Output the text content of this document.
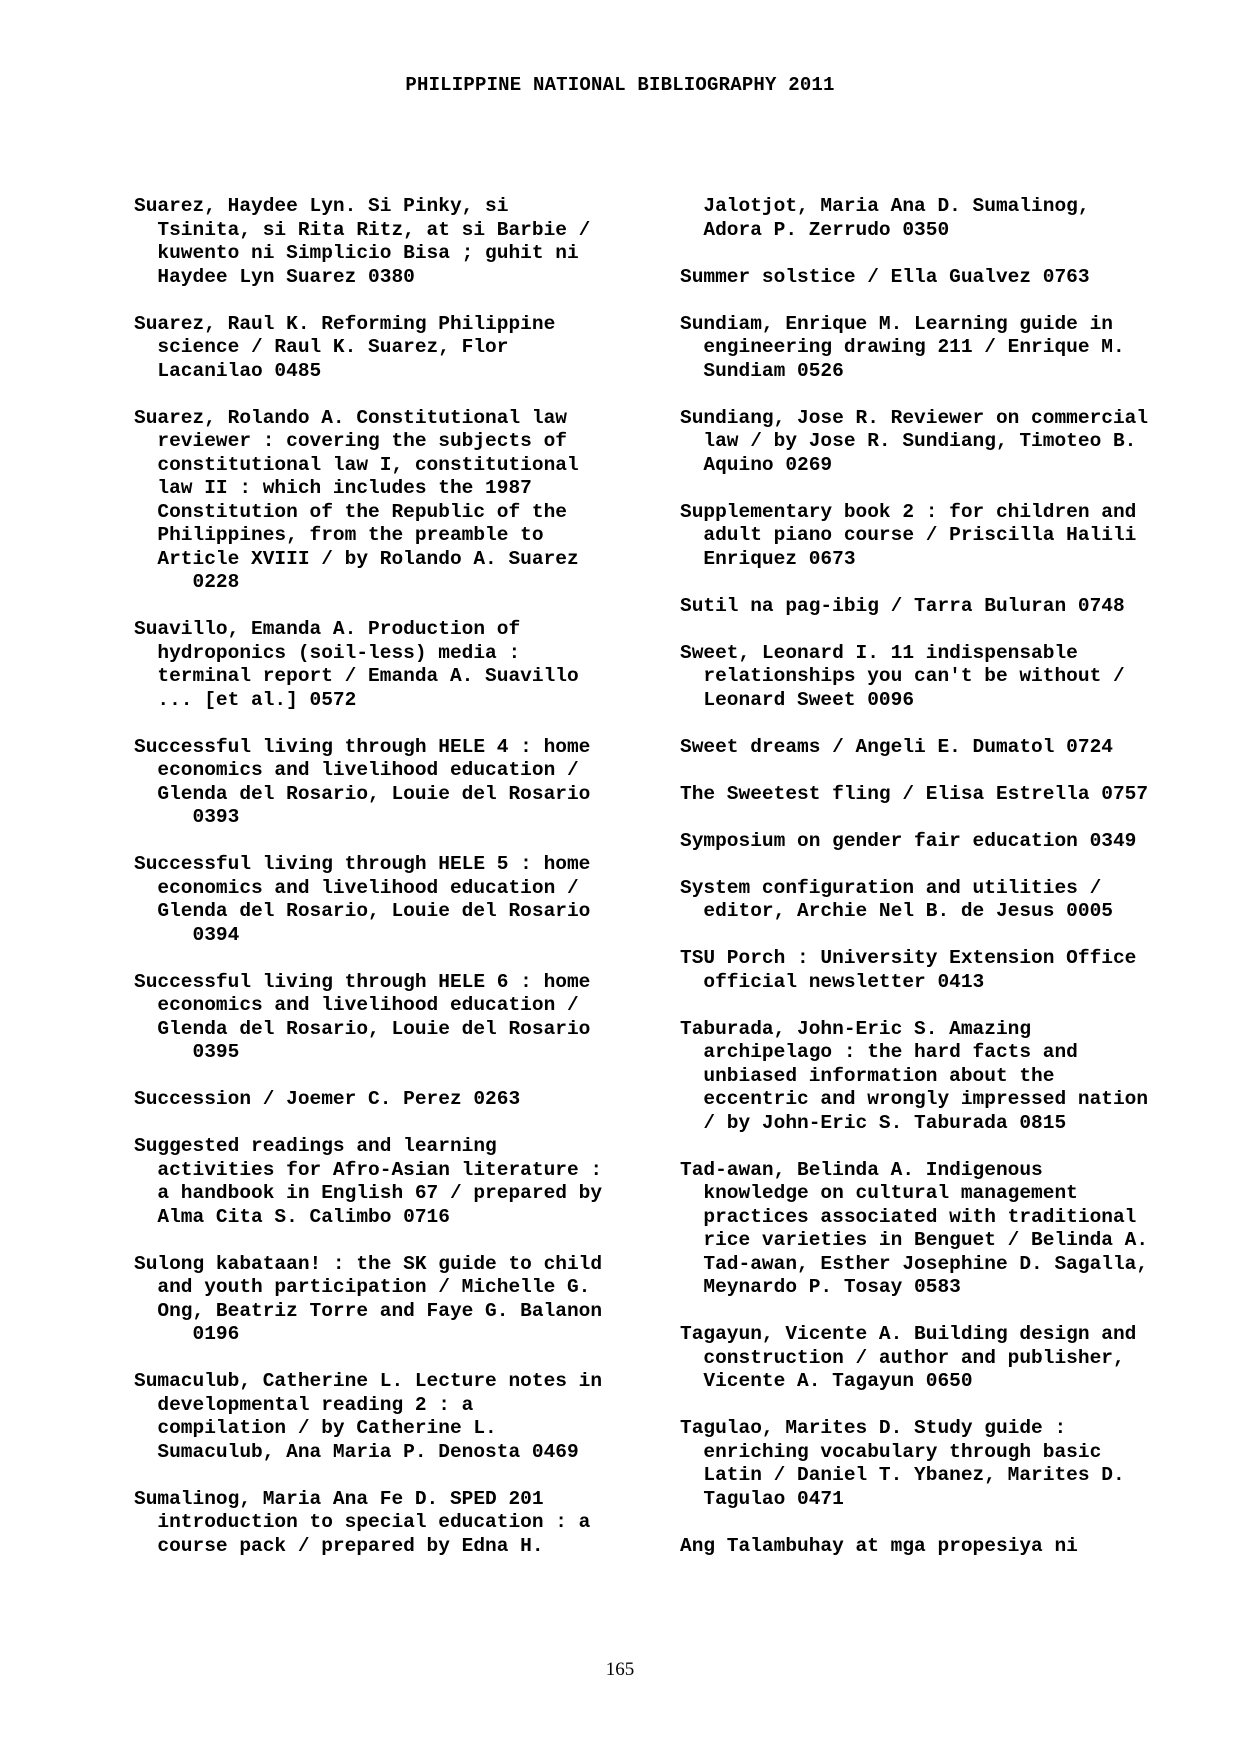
PHILIPPINE NATIONAL BIBLIOGRAPHY 2011
Suarez, Haydee Lyn. Si Pinky, si
Tsinita, si Rita Ritz, at si Barbie /
kuwento ni Simplicio Bisa ; guhit ni
Haydee Lyn Suarez 0380
Suarez, Raul K. Reforming Philippine
science / Raul K. Suarez, Flor
Lacanilao 0485
Suarez, Rolando A. Constitutional law
reviewer : covering the subjects of
constitutional law I, constitutional
law II : which includes the 1987
Constitution of the Republic of the
Philippines, from the preamble to
Article XVIII / by Rolando A. Suarez
0228
Suavillo, Emanda A. Production of
hydroponics (soil-less) media :
terminal report / Emanda A. Suavillo
... [et al.] 0572
Successful living through HELE 4 : home
economics and livelihood education /
Glenda del Rosario, Louie del Rosario
0393
Successful living through HELE 5 : home
economics and livelihood education /
Glenda del Rosario, Louie del Rosario
0394
Successful living through HELE 6 : home
economics and livelihood education /
Glenda del Rosario, Louie del Rosario
0395
Succession / Joemer C. Perez 0263
Suggested readings and learning
activities for Afro-Asian literature :
a handbook in English 67 / prepared by
Alma Cita S. Calimbo 0716
Sulong kabataan! : the SK guide to child
and youth participation / Michelle G.
Ong, Beatriz Torre and Faye G. Balanon
0196
Sumaculub, Catherine L. Lecture notes in
developmental reading 2 : a
compilation / by Catherine L.
Sumaculub, Ana Maria P. Denosta 0469
Sumalinog, Maria Ana Fe D. SPED 201
introduction to special education : a
course pack / prepared by Edna H.
Jalotjot, Maria Ana D. Sumalinog,
Adora P. Zerrudo 0350
Summer solstice / Ella Gualvez 0763
Sundiam, Enrique M. Learning guide in
engineering drawing 211 / Enrique M.
Sundiam 0526
Sundiang, Jose R. Reviewer on commercial
law / by Jose R. Sundiang, Timoteo B.
Aquino 0269
Supplementary book 2 : for children and
adult piano course / Priscilla Halili
Enriquez 0673
Sutil na pag-ibig / Tarra Buluran 0748
Sweet, Leonard I. 11 indispensable
relationships you can't be without /
Leonard Sweet 0096
Sweet dreams / Angeli E. Dumatol 0724
The Sweetest fling / Elisa Estrella 0757
Symposium on gender fair education 0349
System configuration and utilities /
editor, Archie Nel B. de Jesus 0005
TSU Porch : University Extension Office
official newsletter 0413
Taburada, John-Eric S. Amazing
archipelago : the hard facts and
unbiased information about the
eccentric and wrongly impressed nation
/ by John-Eric S. Taburada 0815
Tad-awan, Belinda A. Indigenous
knowledge on cultural management
practices associated with traditional
rice varieties in Benguet / Belinda A.
Tad-awan, Esther Josephine D. Sagalla,
Meynardo P. Tosay 0583
Tagayun, Vicente A. Building design and
construction / author and publisher,
Vicente A. Tagayun 0650
Tagulao, Marites D. Study guide :
enriching vocabulary through basic
Latin / Daniel T. Ybanez, Marites D.
Tagulao 0471
Ang Talambuhay at mga propesiya ni
165
